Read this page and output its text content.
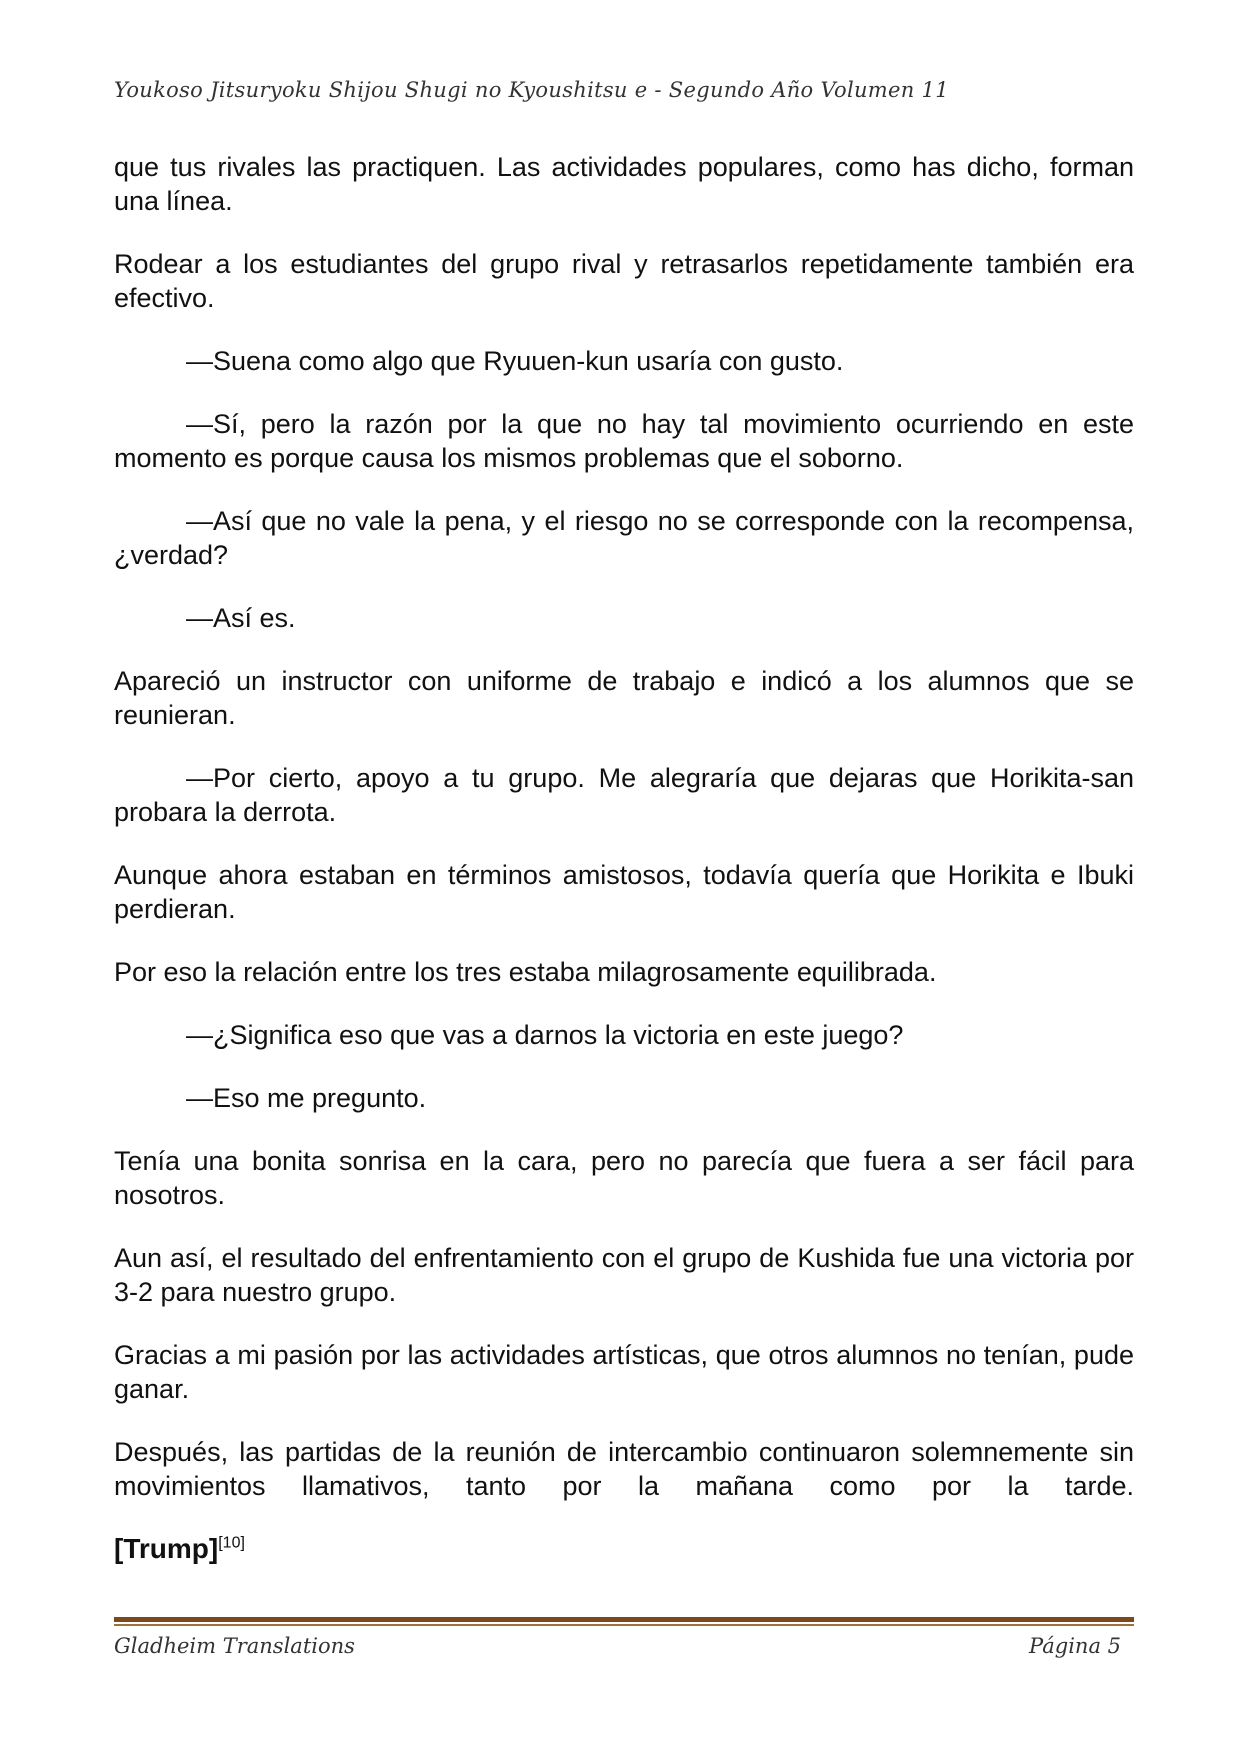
Youkoso Jitsuryoku Shijou Shugi no Kyoushitsu e - Segundo Año Volumen 11

que tus rivales las practiquen. Las actividades populares, como has dicho, forman una línea.

Rodear a los estudiantes del grupo rival y retrasarlos repetidamente también era efectivo.

—Suena como algo que Ryuuen-kun usaría con gusto.

—Sí, pero la razón por la que no hay tal movimiento ocurriendo en este momento es porque causa los mismos problemas que el soborno.

—Así que no vale la pena, y el riesgo no se corresponde con la recompensa, ¿verdad?

—Así es.

Apareció un instructor con uniforme de trabajo e indicó a los alumnos que se reunieran.

—Por cierto, apoyo a tu grupo. Me alegraría que dejaras que Horikita-san probara la derrota.

Aunque ahora estaban en términos amistosos, todavía quería que Horikita e Ibuki perdieran.

Por eso la relación entre los tres estaba milagrosamente equilibrada.

—¿Significa eso que vas a darnos la victoria en este juego?

—Eso me pregunto.

Tenía una bonita sonrisa en la cara, pero no parecía que fuera a ser fácil para nosotros.

Aun así, el resultado del enfrentamiento con el grupo de Kushida fue una victoria por 3-2 para nuestro grupo.

Gracias a mi pasión por las actividades artísticas, que otros alumnos no tenían, pude ganar.

Después, las partidas de la reunión de intercambio continuaron solemnemente sin movimientos llamativos, tanto por la mañana como por la tarde.

[Trump][10]

Gladheim Translations	Página 5
